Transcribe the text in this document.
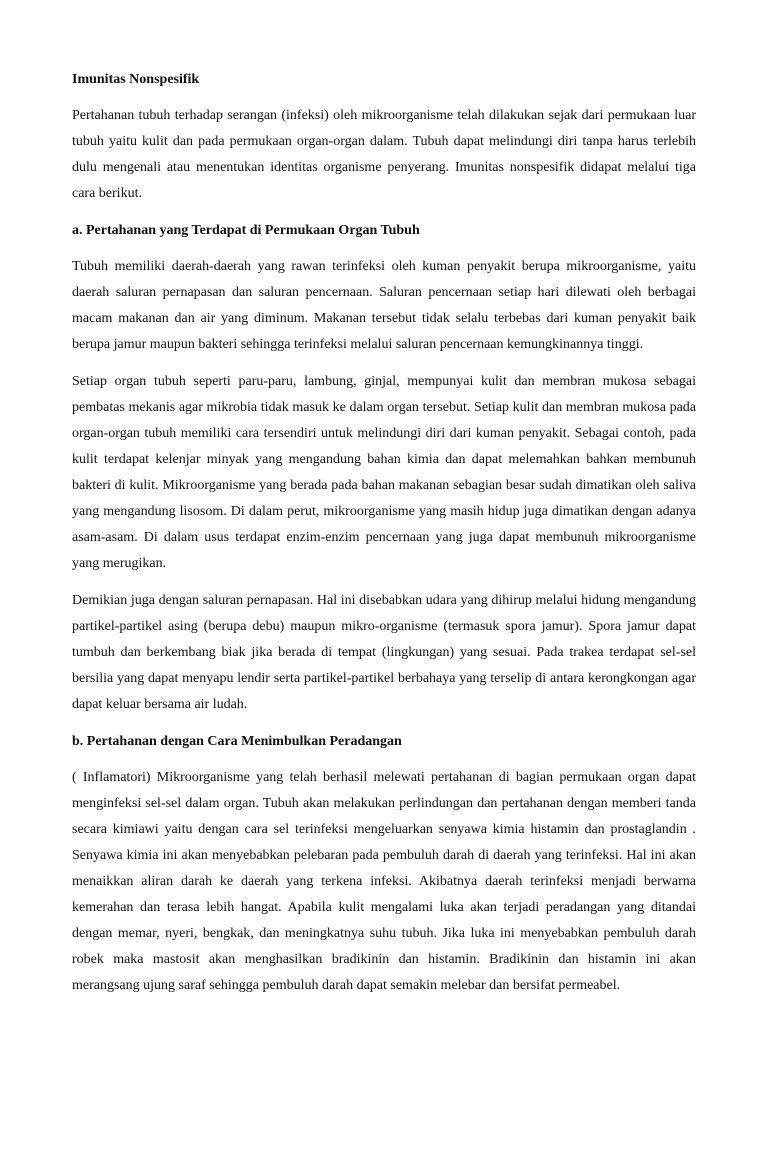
Imunitas Nonspesifik

Pertahanan tubuh terhadap serangan (infeksi) oleh mikroorganisme telah dilakukan sejak dari permukaan luar tubuh yaitu kulit dan pada permukaan organ-organ dalam. Tubuh dapat melindungi diri tanpa harus terlebih dulu mengenali atau menentukan identitas organisme penyerang. Imunitas nonspesifik didapat melalui tiga cara berikut.

a. Pertahanan yang Terdapat di Permukaan Organ Tubuh

Tubuh memiliki daerah-daerah yang rawan terinfeksi oleh kuman penyakit berupa mikroorganisme, yaitu daerah saluran pernapasan dan saluran pencernaan. Saluran pencernaan setiap hari dilewati oleh berbagai macam makanan dan air yang diminum. Makanan tersebut tidak selalu terbebas dari kuman penyakit baik berupa jamur maupun bakteri sehingga terinfeksi melalui saluran pencernaan kemungkinannya tinggi.

Setiap organ tubuh seperti paru-paru, lambung, ginjal, mempunyai kulit dan membran mukosa sebagai pembatas mekanis agar mikrobia tidak masuk ke dalam organ tersebut. Setiap kulit dan membran mukosa pada organ-organ tubuh memiliki cara tersendiri untuk melindungi diri dari kuman penyakit. Sebagai contoh, pada kulit terdapat kelenjar minyak yang mengandung bahan kimia dan dapat melemahkan bahkan membunuh bakteri di kulit. Mikroorganisme yang berada pada bahan makanan sebagian besar sudah dimatikan oleh saliva yang mengandung lisosom. Di dalam perut, mikroorganisme yang masih hidup juga dimatikan dengan adanya asam-asam. Di dalam usus terdapat enzim-enzim pencernaan yang juga dapat membunuh mikroorganisme yang merugikan.

Demikian juga dengan saluran pernapasan. Hal ini disebabkan udara yang dihirup melalui hidung mengandung partikel-partikel asing (berupa debu) maupun mikro-organisme (termasuk spora jamur). Spora jamur dapat tumbuh dan berkembang biak jika berada di tempat (lingkungan) yang sesuai. Pada trakea terdapat sel-sel bersilia yang dapat menyapu lendir serta partikel-partikel berbahaya yang terselip di antara kerongkongan agar dapat keluar bersama air ludah.

b. Pertahanan dengan Cara Menimbulkan Peradangan

( Inflamatori) Mikroorganisme yang telah berhasil melewati pertahanan di bagian permukaan organ dapat menginfeksi sel-sel dalam organ. Tubuh akan melakukan perlindungan dan pertahanan dengan memberi tanda secara kimiawi yaitu dengan cara sel terinfeksi mengeluarkan senyawa kimia histamin dan prostaglandin . Senyawa kimia ini akan menyebabkan pelebaran pada pembuluh darah di daerah yang terinfeksi. Hal ini akan menaikkan aliran darah ke daerah yang terkena infeksi. Akibatnya daerah terinfeksi menjadi berwarna kemerahan dan terasa lebih hangat. Apabila kulit mengalami luka akan terjadi peradangan yang ditandai dengan memar, nyeri, bengkak, dan meningkatnya suhu tubuh. Jika luka ini menyebabkan pembuluh darah robek maka mastosit akan menghasilkan bradikinin dan histamin. Bradikinin dan histamin ini akan merangsang ujung saraf sehingga pembuluh darah dapat semakin melebar dan bersifat permeabel.
